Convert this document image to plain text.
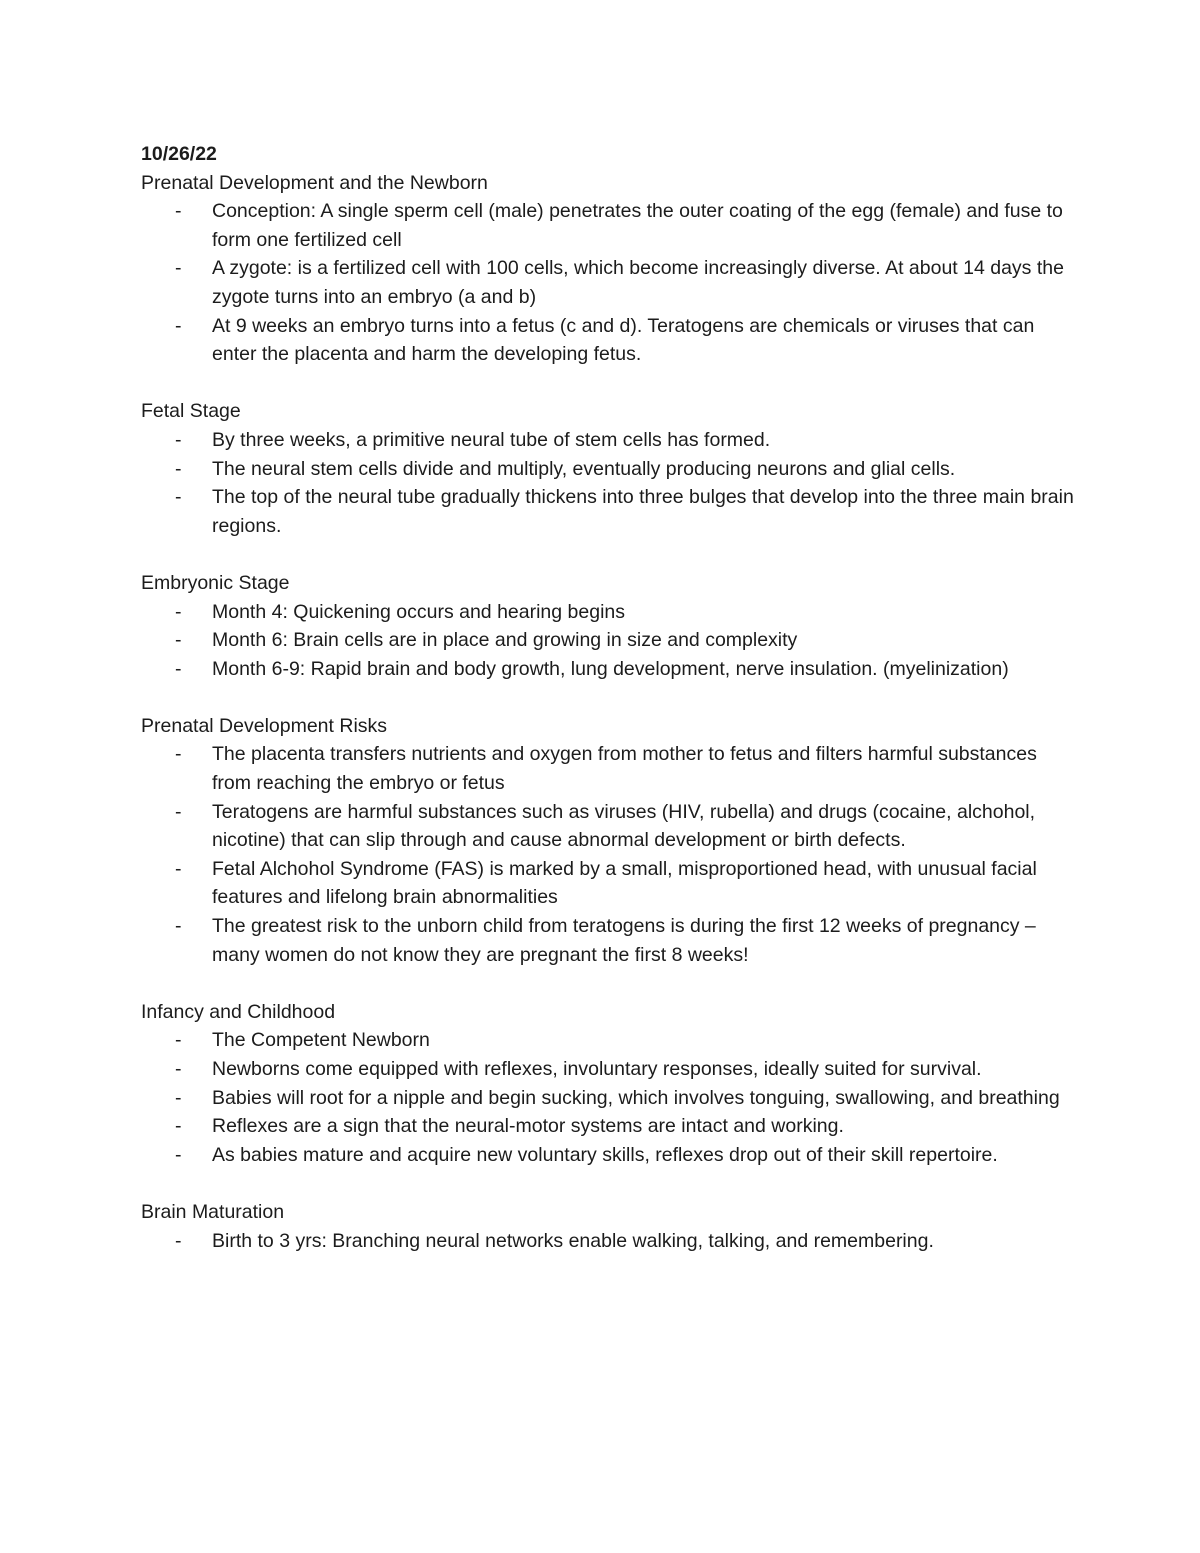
10/26/22

Prenatal Development and the Newborn

- Conception: A single sperm cell (male) penetrates the outer coating of the egg (female) and fuse to form one fertilized cell
- A zygote: is a fertilized cell with 100 cells, which become increasingly diverse. At about 14 days the zygote turns into an embryo (a and b)
- At 9 weeks an embryo turns into a fetus (c and d). Teratogens are chemicals or viruses that can enter the placenta and harm the developing fetus.

Fetal Stage

- By three weeks, a primitive neural tube of stem cells has formed.
- The neural stem cells divide and multiply, eventually producing neurons and glial cells.
- The top of the neural tube gradually thickens into three bulges that develop into the three main brain regions.

Embryonic Stage

- Month 4: Quickening occurs and hearing begins
- Month 6: Brain cells are in place and growing in size and complexity
- Month 6-9: Rapid brain and body growth, lung development, nerve insulation. (myelinization)

Prenatal Development Risks

- The placenta transfers nutrients and oxygen from mother to fetus and filters harmful substances from reaching the embryo or fetus
- Teratogens are harmful substances such as viruses (HIV, rubella) and drugs (cocaine, alchohol, nicotine) that can slip through and cause abnormal development or birth defects.
- Fetal Alchohol Syndrome (FAS) is marked by a small, misproportioned head, with unusual facial features and lifelong brain abnormalities
- The greatest risk to the unborn child from teratogens is during the first 12 weeks of pregnancy – many women do not know they are pregnant the first 8 weeks!

Infancy and Childhood

- The Competent Newborn
- Newborns come equipped with reflexes, involuntary responses, ideally suited for survival.
- Babies will root for a nipple and begin sucking, which involves tonguing, swallowing, and breathing
- Reflexes are a sign that the neural-motor systems are intact and working.
- As babies mature and acquire new voluntary skills, reflexes drop out of their skill repertoire.

Brain Maturation

- Birth to 3 yrs: Branching neural networks enable walking, talking, and remembering.
